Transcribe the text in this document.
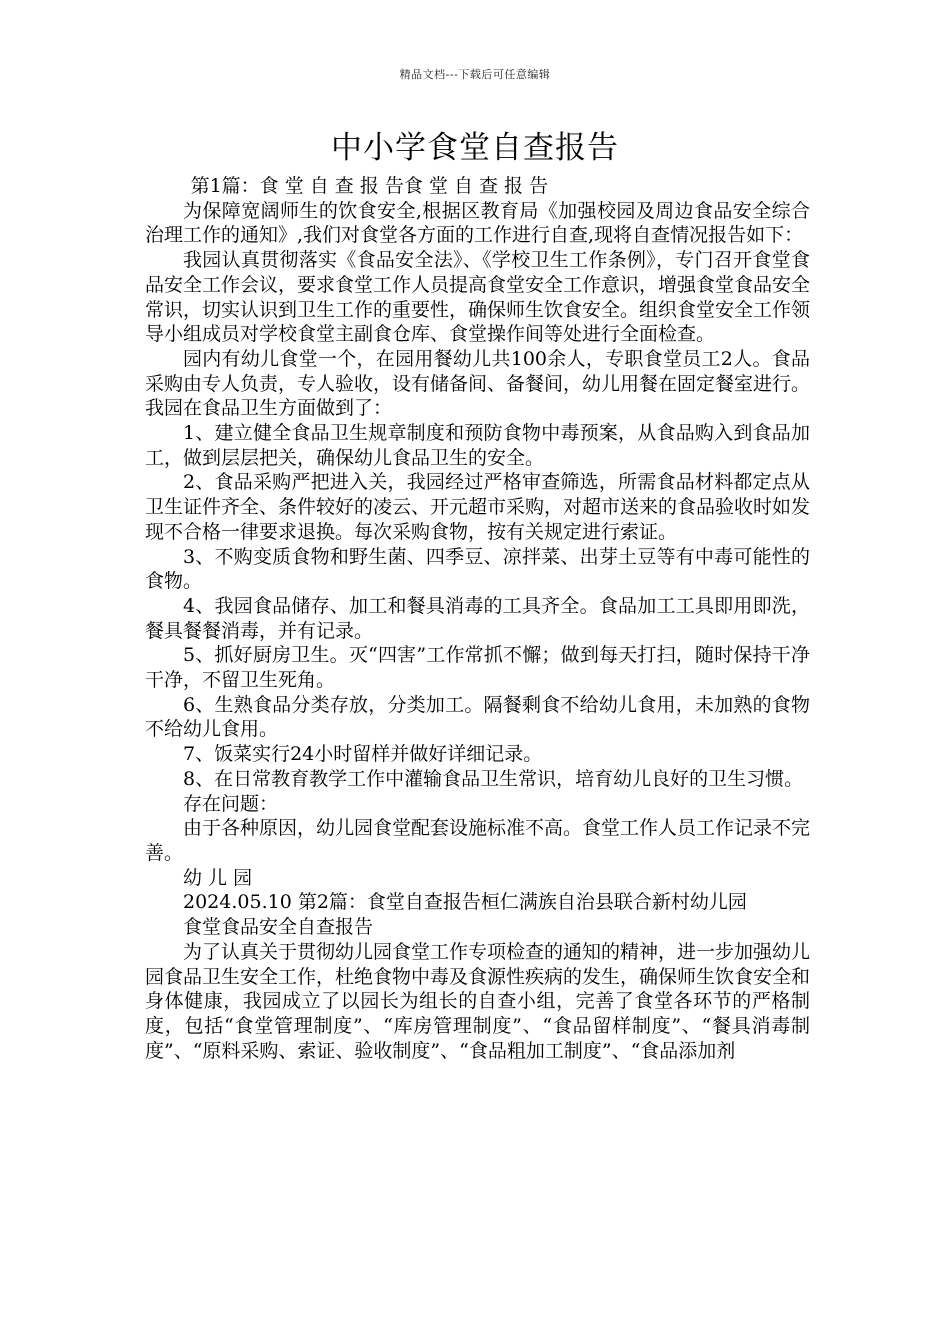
精品文档---下载后可任意编辑
中小学食堂自查报告

第1篇：食 堂 自 查 报 告食 堂 自 查 报 告

为保障宽阔师生的饮食安全,根据区教育局《加强校园及周边食品安全综合治理工作的通知》,我们对食堂各方面的工作进行自查,现将自查情况报告如下：

我园认真贯彻落实《食品安全法》、《学校卫生工作条例》，专门召开食堂食品安全工作会议，要求食堂工作人员提高食堂安全工作意识，增强食堂食品安全常识，切实认识到卫生工作的重要性，确保师生饮食安全。组织食堂安全工作领导小组成员对学校食堂主副食仓库、食堂操作间等处进行全面检查。

园内有幼儿食堂一个，在园用餐幼儿共100余人，专职食堂员工2人。食品采购由专人负责，专人验收，设有储备间、备餐间，幼儿用餐在固定餐室进行。我园在食品卫生方面做到了：

1、建立健全食品卫生规章制度和预防食物中毒预案，从食品购入到食品加工，做到层层把关，确保幼儿食品卫生的安全。

2、食品采购严把进入关，我园经过严格审查筛选，所需食品材料都定点从卫生证件齐全、条件较好的凌云、开元超市采购，对超市送来的食品验收时如发现不合格一律要求退换。每次采购食物，按有关规定进行索证。

3、不购变质食物和野生菌、四季豆、凉拌菜、出芽土豆等有中毒可能性的食物。

4、我园食品储存、加工和餐具消毒的工具齐全。食品加工工具即用即洗，餐具餐餐消毒，并有记录。

5、抓好厨房卫生。灭“四害”工作常抓不懈；做到每天打扫，随时保持干净干净，不留卫生死角。

6、生熟食品分类存放，分类加工。隔餐剩食不给幼儿食用，未加熟的食物不给幼儿食用。

7、饭菜实行24小时留样并做好详细记录。

8、在日常教育教学工作中灌输食品卫生常识，培育幼儿良好的卫生习惯。

存在问题：

由于各种原因，幼儿园食堂配套设施标准不高。食堂工作人员工作记录不完善。

幼 儿 园

2024.05.10 第2篇：食堂自查报告桓仁满族自治县联合新村幼儿园

食堂食品安全自查报告

为了认真关于贯彻幼儿园食堂工作专项检查的通知的精神，进一步加强幼儿园食品卫生安全工作，杜绝食物中毒及食源性疾病的发生，确保师生饮食安全和身体健康，我园成立了以园长为组长的自查小组，完善了食堂各环节的严格制度，包括“食堂管理制度”、“库房管理制度”、“食品留样制度”、“餐具消毒制度”、“原料采购、索证、验收制度”、“食品粗加工制度”、“食品添加剂
